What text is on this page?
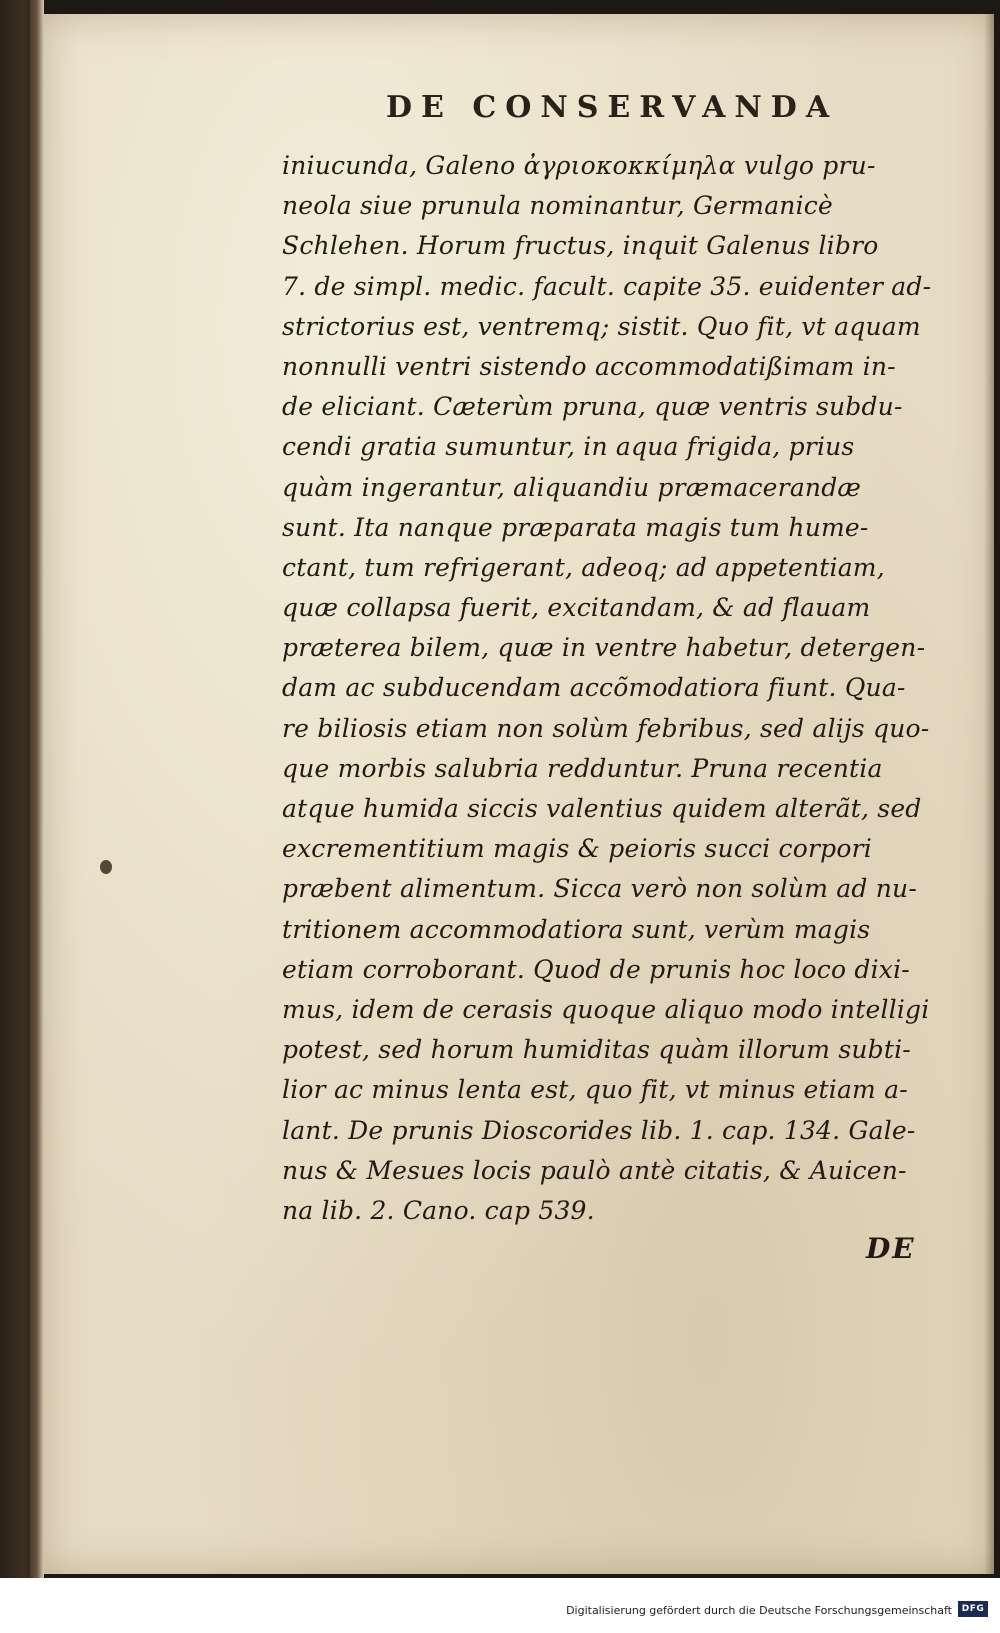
DE CONSERVANDA
iniucunda, Galeno ἀγριοκοκκίμηλα vulgo pru-
neola siue prunula nominantur, Germanicè
Schlehen. Horum fructus, inquit Galenus libro
7. de simpl. medic. facult. capite 35. euidenter ad-
strictorius est, ventremq; sistit. Quo fit, vt aquam
nonnulli ventri sistendo accommodatißimam in-
de eliciant. Cæterùm pruna, quæ ventris subdu-
cendi gratia sumuntur, in aqua frigida, prius
quàm ingerantur, aliquandiu præmacerandæ
sunt. Ita nanque præparata magis tum hume-
ctant, tum refrigerant, adeoq; ad appetentiam,
quæ collapsa fuerit, excitandam, & ad flauam
præterea bilem, quæ in ventre habetur, detergen-
dam ac subducendam accõmodatiora fiunt. Qua-
re biliosis etiam non solùm febribus, sed alijs quo-
que morbis salubria redduntur. Pruna recentia
atque humida siccis valentius quidem alterãt, sed
excrementitium magis & peioris succi corpori
præbent alimentum. Sicca verò non solùm ad nu-
tritionem accommodatiora sunt, verùm magis
etiam corroborant. Quod de prunis hoc loco dixi-
mus, idem de cerasis quoque aliquo modo intelligi
potest, sed horum humiditas quàm illorum subti-
lior ac minus lenta est, quo fit, vt minus etiam a-
lant. De prunis Dioscorides lib. 1. cap. 134. Gale-
nus & Mesues locis paulò antè citatis, & Auicen-
na lib. 2. Cano. cap 539.
DE
Digitalisierung gefördert durch die Deutsche Forschungsgemeinschaft	DFG
